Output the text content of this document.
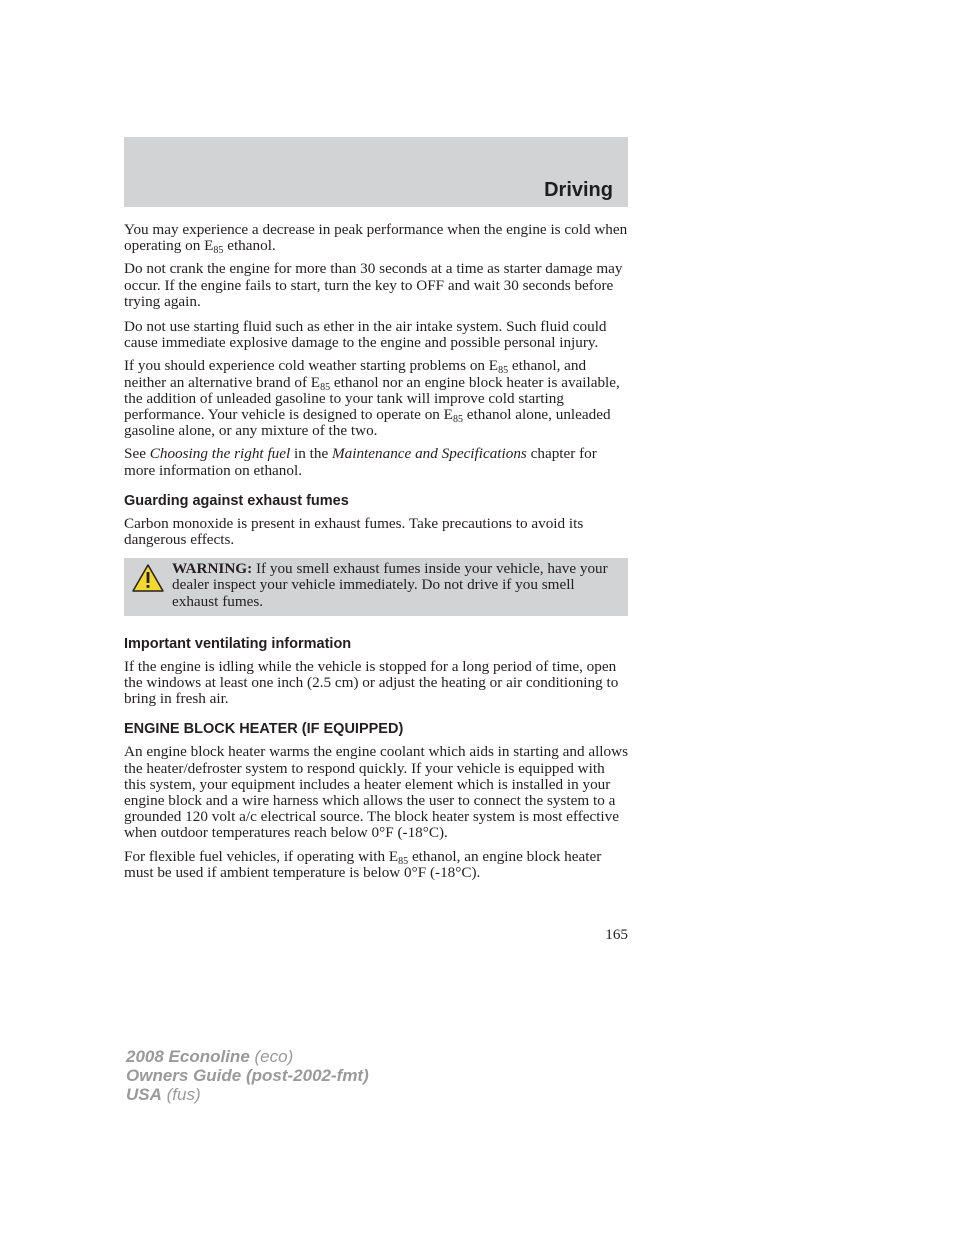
Driving

You may experience a decrease in peak performance when the engine is cold when operating on $E_{85}$ ethanol.

Do not crank the engine for more than 30 seconds at a time as starter damage may occur. If the engine fails to start, turn the key to OFF and wait 30 seconds before trying again.

Do not use starting fluid such as ether in the air intake system. Such fluid could cause immediate explosive damage to the engine and possible personal injury.

If you should experience cold weather starting problems on $E_{85}$ ethanol, and neither an alternative brand of $E_{85}$ ethanol nor an engine block heater is available, the addition of unleaded gasoline to your tank will improve cold starting performance. Your vehicle is designed to operate on $E_{85}$ ethanol alone, unleaded gasoline alone, or any mixture of the two.

See Choosing the right fuel in the Maintenance and Specifications chapter for more information on ethanol.

Guarding against exhaust fumes

Carbon monoxide is present in exhaust fumes. Take precautions to avoid its dangerous effects.

WARNING: If you smell exhaust fumes inside your vehicle, have your dealer inspect your vehicle immediately. Do not drive if you smell exhaust fumes.
Important ventilating information

If the engine is idling while the vehicle is stopped for a long period of time, open the windows at least one inch (2.5 cm) or adjust the heating or air conditioning to bring in fresh air.

ENGINE BLOCK HEATER (IF EQUIPPED)

An engine block heater warms the engine coolant which aids in starting and allows the heater/defroster system to respond quickly. If your vehicle is equipped with this system, your equipment includes a heater element which is installed in your engine block and a wire harness which allows the user to connect the system to a grounded 120 volt a/c electrical source. The block heater system is most effective when outdoor temperatures reach below 0°F (-18°C).

For flexible fuel vehicles, if operating with $E_{85}$ ethanol, an engine block heater must be used if ambient temperature is below 0°F (-18°C).

165
2008 Econoline (eco)
Owners Guide (post-2002-fmt)
USA (fus)
